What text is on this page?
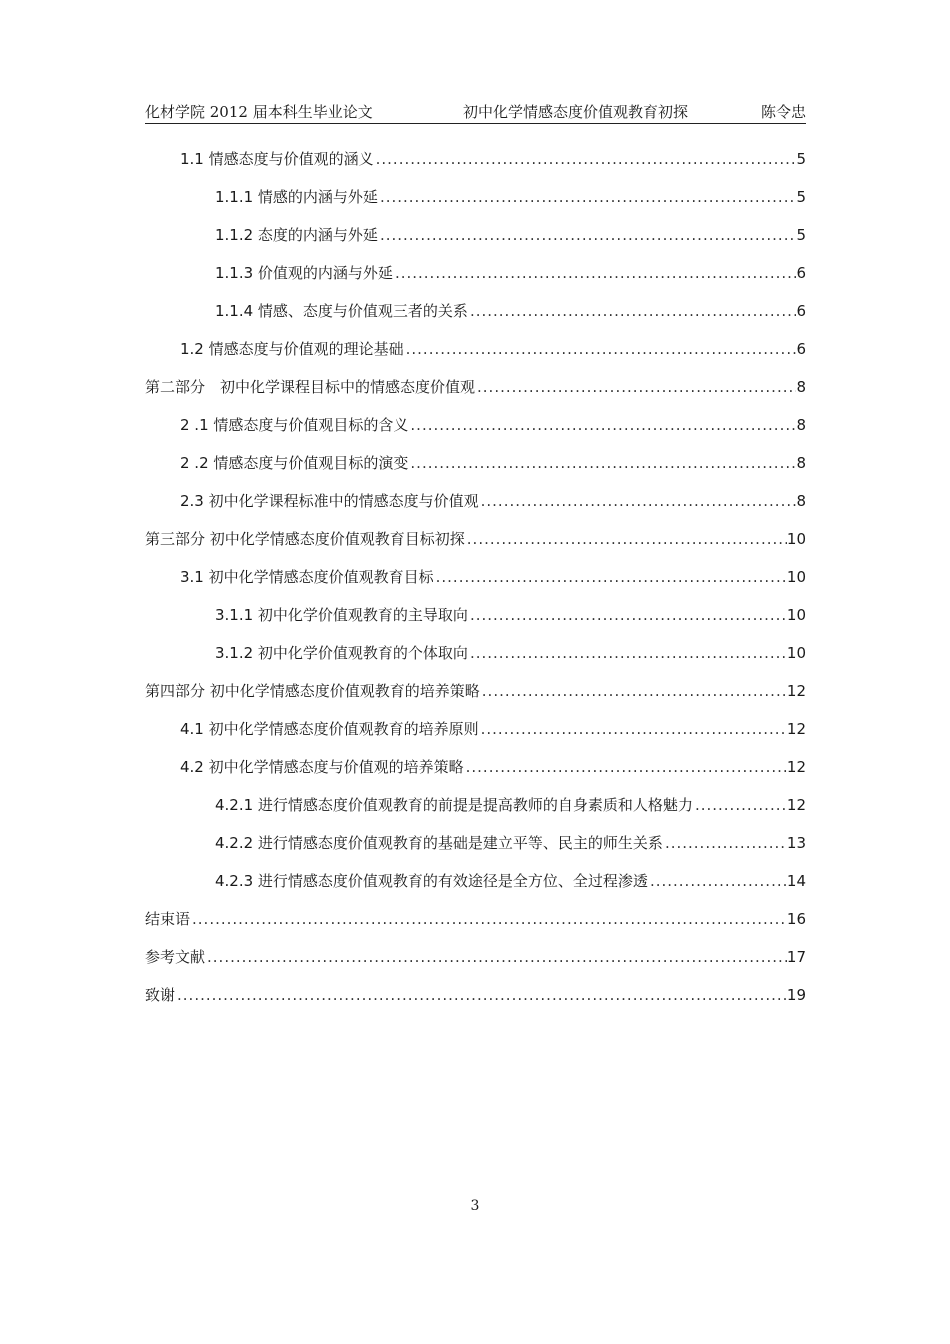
化材学院 2012 届本科生毕业论文	初中化学情感态度价值观教育初探	陈令忠
1.1 情感态度与价值观的涵义 .....	5
1.1.1 情感的内涵与外延 .....	5
1.1.2 态度的内涵与外延 .....	5
1.1.3 价值观的内涵与外延 .....	6
1.1.4 情感、态度与价值观三者的关系 .....	6
1.2 情感态度与价值观的理论基础 .....	6
第二部分　初中化学课程目标中的情感态度价值观 .....	8
2 .1 情感态度与价值观目标的含义 .....	8
2 .2 情感态度与价值观目标的演变 .....	8
2.3 初中化学课程标准中的情感态度与价值观 .....	8
第三部分 初中化学情感态度价值观教育目标初探 .....	10
3.1 初中化学情感态度价值观教育目标 .....	10
3.1.1 初中化学价值观教育的主导取向 .....	10
3.1.2 初中化学价值观教育的个体取向 .....	10
第四部分 初中化学情感态度价值观教育的培养策略 .....	12
4.1 初中化学情感态度价值观教育的培养原则 .....	12
4.2 初中化学情感态度与价值观的培养策略 .....	12
4.2.1 进行情感态度价值观教育的前提是提高教师的自身素质和人格魅力 .....	12
4.2.2 进行情感态度价值观教育的基础是建立平等、民主的师生关系 .....	13
4.2.3 进行情感态度价值观教育的有效途径是全方位、全过程渗透 .....	14
结束语 .....	16
参考文献 .....	17
致谢 .....	19
3
